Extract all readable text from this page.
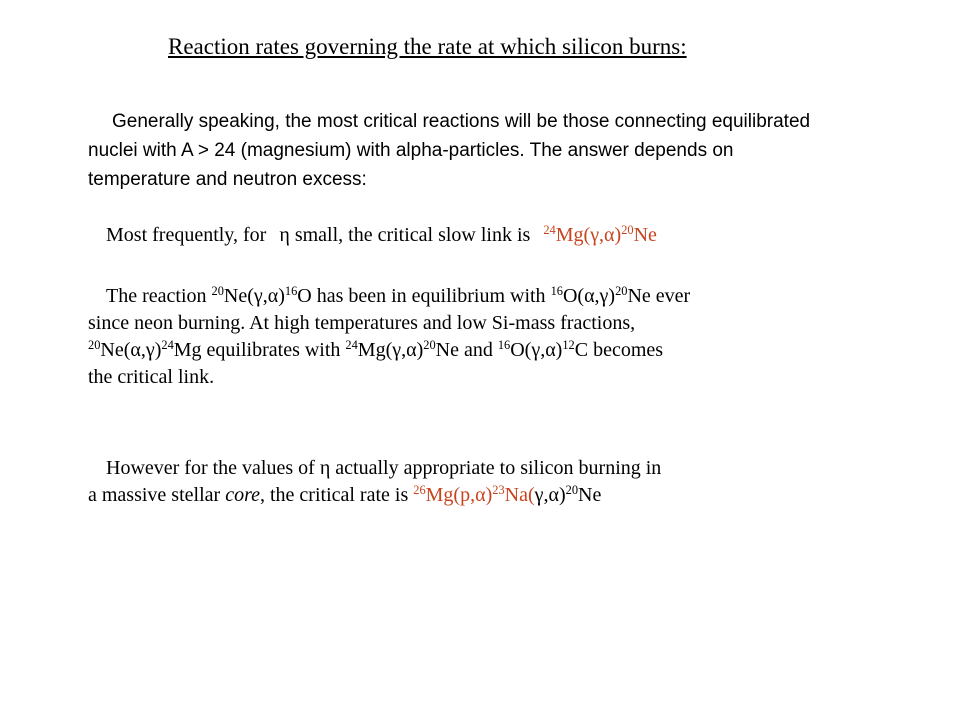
Reaction rates governing the rate at which silicon burns:
Generally speaking, the most critical reactions will be those connecting equilibrated
nuclei with A > 24 (magnesium) with alpha-particles. The answer depends on
temperature and neutron excess:
Most frequently, for η small, the critical slow link is $^{24}Mg(\gamma,\alpha)^{20}Ne$
The reaction $^{20}Ne(\gamma,\alpha)^{16}O$ has been in equilibrium with $^{16}O(\alpha,\gamma)^{20}Ne$ ever
since neon burning. At high temperatures and low Si-mass fractions,
$^{20}Ne(\alpha,\gamma)^{24}Mg$ equilibrates with $^{24}Mg(\gamma,\alpha)^{20}Ne$ and $^{16}O(\gamma,\alpha)^{12}C$ becomes
the critical link.
However for the values of η actually appropriate to silicon burning in
a massive stellar core, the critical rate is $^{26}Mg(p,\alpha)^{23}Na(\gamma,\alpha)^{20}Ne$
